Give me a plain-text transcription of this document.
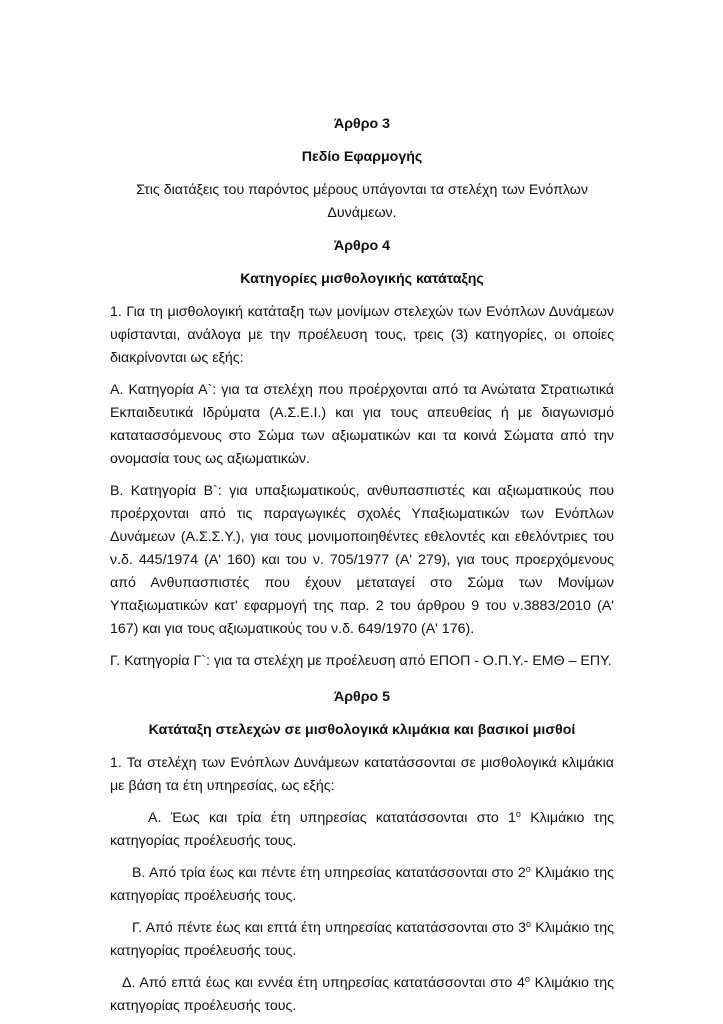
Άρθρο 3
Πεδίο Εφαρμογής
Στις διατάξεις του παρόντος μέρους υπάγονται τα στελέχη των Ενόπλων Δυνάμεων.
Άρθρο 4
Κατηγορίες μισθολογικής κατάταξης
1. Για τη μισθολογική κατάταξη των μονίμων στελεχών των Ενόπλων Δυνάμεων υφίστανται, ανάλογα με την προέλευση τους, τρεις (3) κατηγορίες, οι οποίες διακρίνονται ως εξής:
Α. Κατηγορία Α`: για τα στελέχη που προέρχονται από τα Ανώτατα Στρατιωτικά Εκπαιδευτικά Ιδρύματα (Α.Σ.Ε.Ι.) και για τους απευθείας ή με διαγωνισμό κατατασσόμενους στο Σώμα των αξιωματικών και τα κοινά Σώματα από την ονομασία τους ως αξιωματικών.
Β. Κατηγορία Β`: για υπαξιωματικούς, ανθυπασπιστές και αξιωματικούς που προέρχονται από τις παραγωγικές σχολές Υπαξιωματικών των Ενόπλων Δυνάμεων (Α.Σ.Σ.Υ.), για τους μονιμοποιηθέντες εθελοντές και εθελόντριες του ν.δ. 445/1974 (Α' 160) και του ν. 705/1977 (Α' 279), για τους προερχόμενους από Ανθυπασπιστές που έχουν μεταταγεί στο Σώμα των Μονίμων Υπαξιωματικών κατ' εφαρμογή της παρ. 2 του άρθρου 9 του ν.3883/2010 (Α' 167) και για τους αξιωματικούς του ν.δ. 649/1970 (Α' 176).
Γ. Κατηγορία Γ`: για τα στελέχη με προέλευση από ΕΠΟΠ - Ο.Π.Υ.- ΕΜΘ – ΕΠΥ.
Άρθρο 5
Κατάταξη στελεχών σε μισθολογικά κλιμάκια και βασικοί μισθοί
1. Τα στελέχη των Ενόπλων Δυνάμεων κατατάσσονται σε μισθολογικά κλιμάκια με βάση τα έτη υπηρεσίας, ως εξής:
Α. Έως και τρία έτη υπηρεσίας κατατάσσονται στο $1^o$ Κλιμάκιο της κατηγορίας προέλευσής τους.
Β. Από τρία έως και πέντε έτη υπηρεσίας κατατάσσονται στο $2^o$ Κλιμάκιο της κατηγορίας προέλευσής τους.
Γ. Από πέντε έως και επτά έτη υπηρεσίας κατατάσσονται στο $3^o$ Κλιμάκιο της κατηγορίας προέλευσής τους.
Δ. Από επτά έως και εννέα έτη υπηρεσίας κατατάσσονται στο $4^o$ Κλιμάκιο της κατηγορίας προέλευσής τους.
